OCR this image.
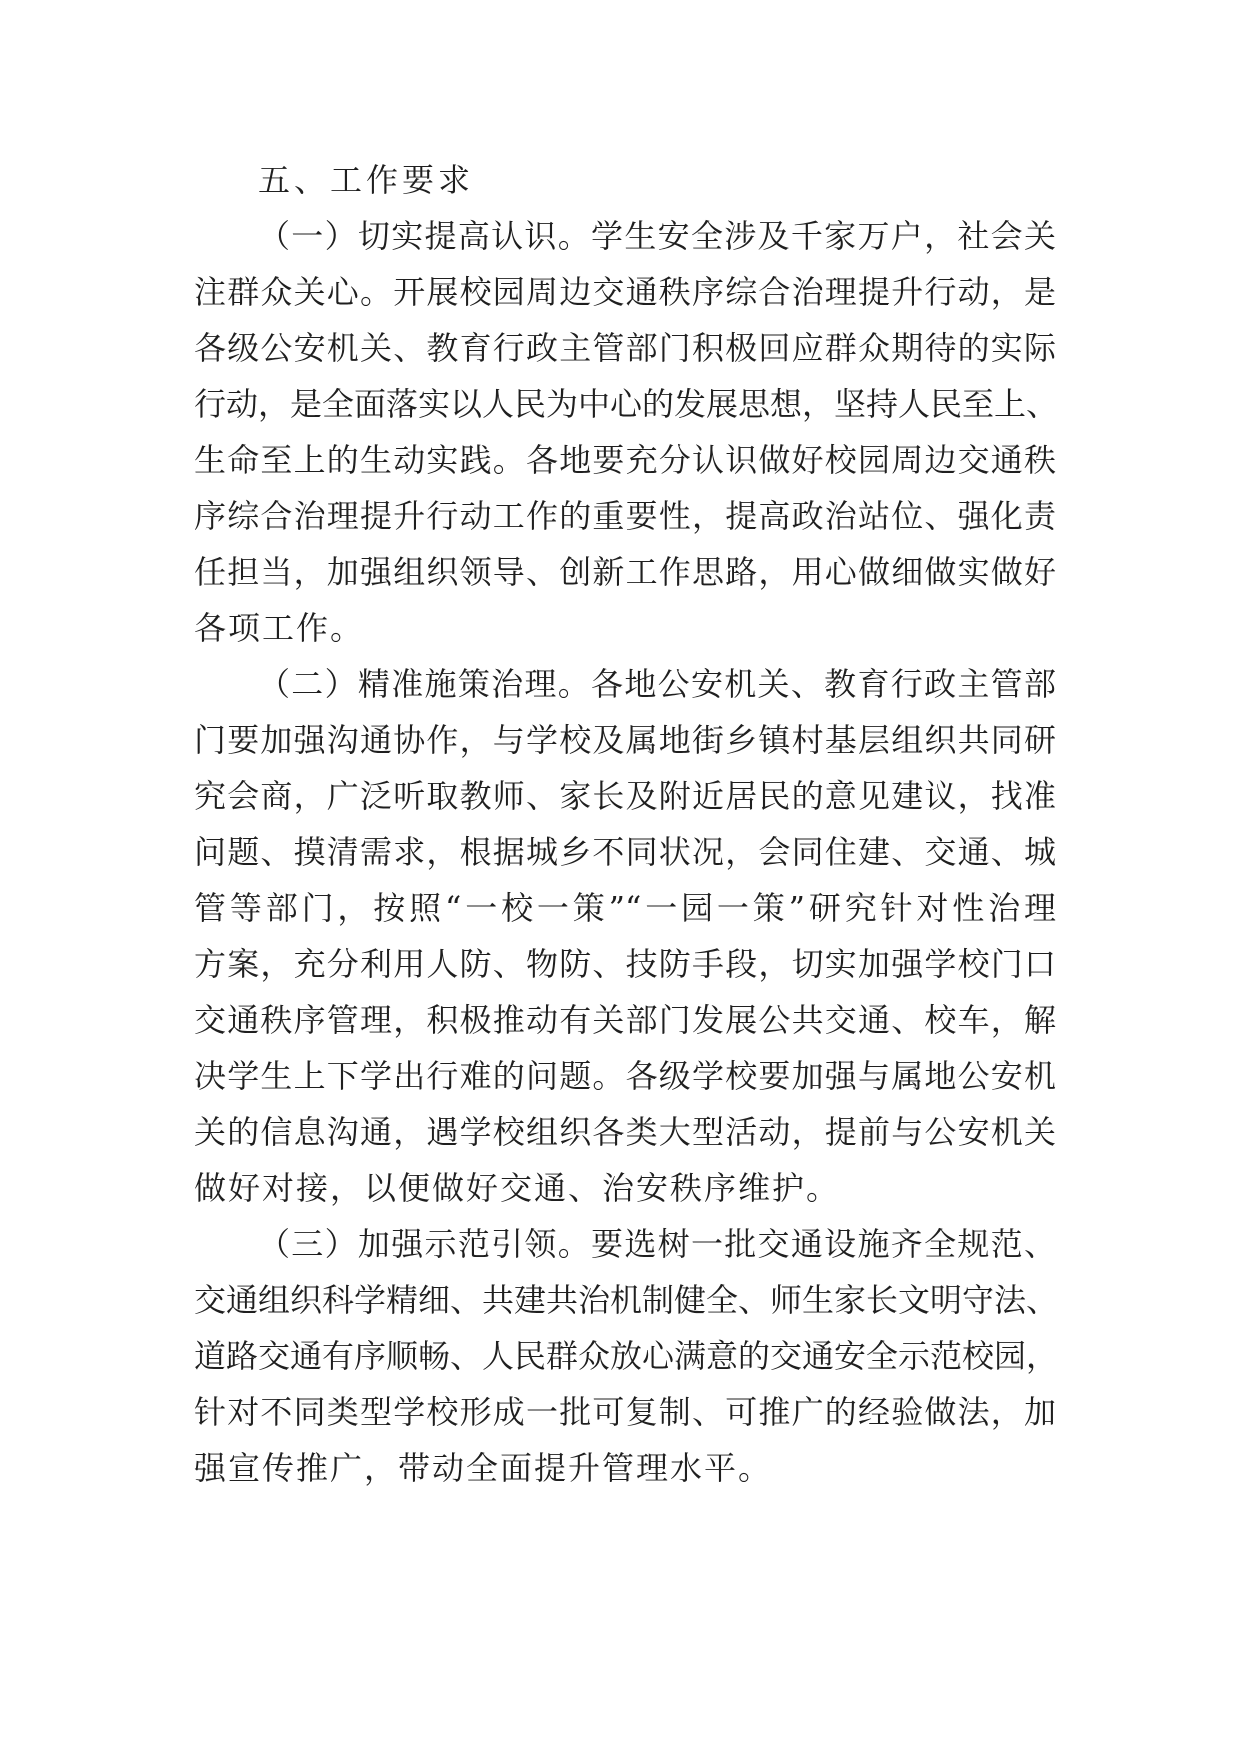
五、工作要求

（一）切实提高认识。学生安全涉及千家万户，社会关
注群众关心。开展校园周边交通秩序综合治理提升行动，是
各级公安机关、教育行政主管部门积极回应群众期待的实际
行动，是全面落实以人民为中心的发展思想，坚持人民至上、
生命至上的生动实践。各地要充分认识做好校园周边交通秩
序综合治理提升行动工作的重要性，提高政治站位、强化责
任担当，加强组织领导、创新工作思路，用心做细做实做好
各项工作。

（二）精准施策治理。各地公安机关、教育行政主管部
门要加强沟通协作，与学校及属地街乡镇村基层组织共同研
究会商，广泛听取教师、家长及附近居民的意见建议，找准
问题、摸清需求，根据城乡不同状况，会同住建、交通、城
管等部门，按照“一校一策”“一园一策”研究针对性治理
方案，充分利用人防、物防、技防手段，切实加强学校门口
交通秩序管理，积极推动有关部门发展公共交通、校车，解
决学生上下学出行难的问题。各级学校要加强与属地公安机
关的信息沟通，遇学校组织各类大型活动，提前与公安机关
做好对接，以便做好交通、治安秩序维护。

（三）加强示范引领。要选树一批交通设施齐全规范、
交通组织科学精细、共建共治机制健全、师生家长文明守法、
道路交通有序顺畅、人民群众放心满意的交通安全示范校园，
针对不同类型学校形成一批可复制、可推广的经验做法，加
强宣传推广，带动全面提升管理水平。
